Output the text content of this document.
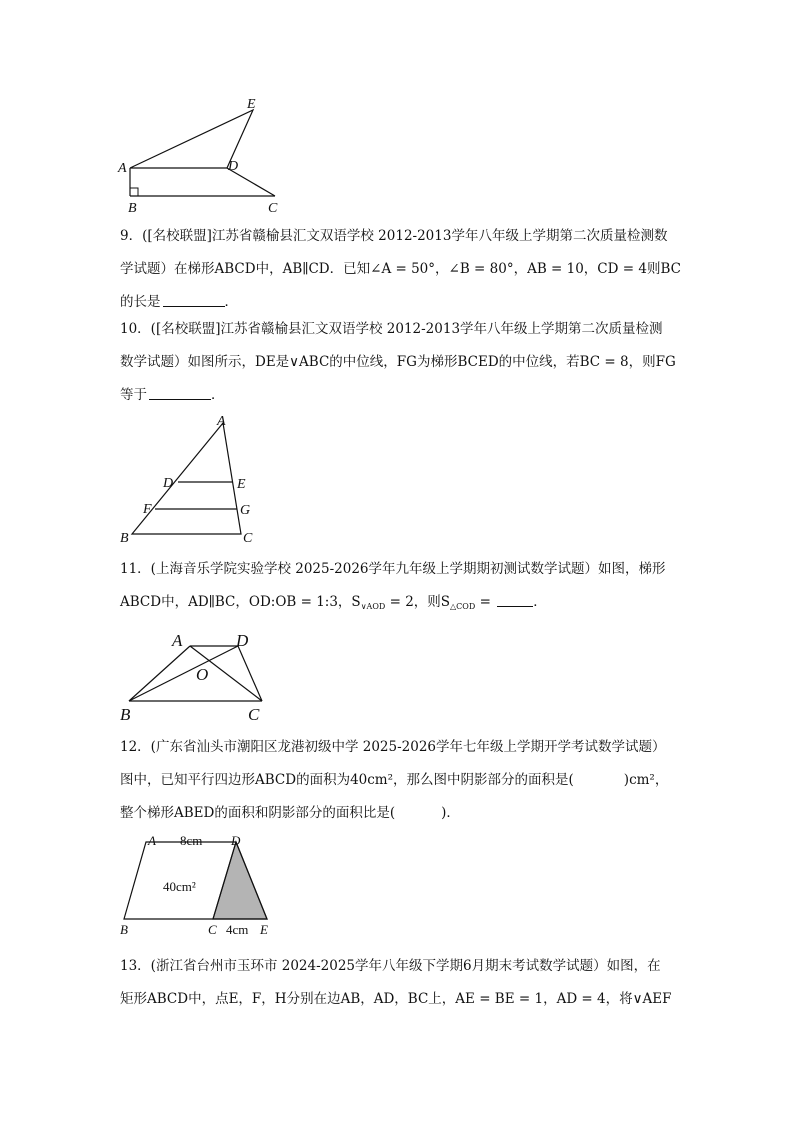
E
A	D
B	C
9．([名校联盟]江苏省赣榆县汇文双语学校 2012-2013学年八年级上学期第二次质量检测数
学试题）在梯形ABCD中，AB∥CD．已知∠A = 50°，∠B = 80°，AB = 10，CD = 4则BC
的长是	．
10．([名校联盟]江苏省赣榆县汇文双语学校 2012-2013学年八年级上学期第二次质量检测
数学试题）如图所示，DE是∨ABC的中位线，FG为梯形BCED的中位线，若BC = 8，则FG
等于	．
A
D	E
F	G
B	C
11．(上海音乐学院实验学校 2025-2026学年九年级上学期期初测试数学试题）如图，梯形
ABCD中，AD∥BC，OD:OB = 1:3，$S_{\vee AOD} = 2$，则$S_{\triangle COD}$ =	．
A	D
O
B	C
12．(广东省汕头市潮阳区龙港初级中学 2025-2026学年七年级上学期开学考试数学试题）
图中，已知平行四边形ABCD的面积为40cm²，那么图中阴影部分的面积是(	)cm²，
整个梯形ABED的面积和阴影部分的面积比是(	)．
A	D
8cm
40cm²
B	C 4cm E
13．(浙江省台州市玉环市 2024-2025学年八年级下学期6月期末考试数学试题）如图，在
矩形ABCD中，点E，F，H分别在边AB，AD，BC上，AE = BE = 1，AD = 4，将∨AEF
